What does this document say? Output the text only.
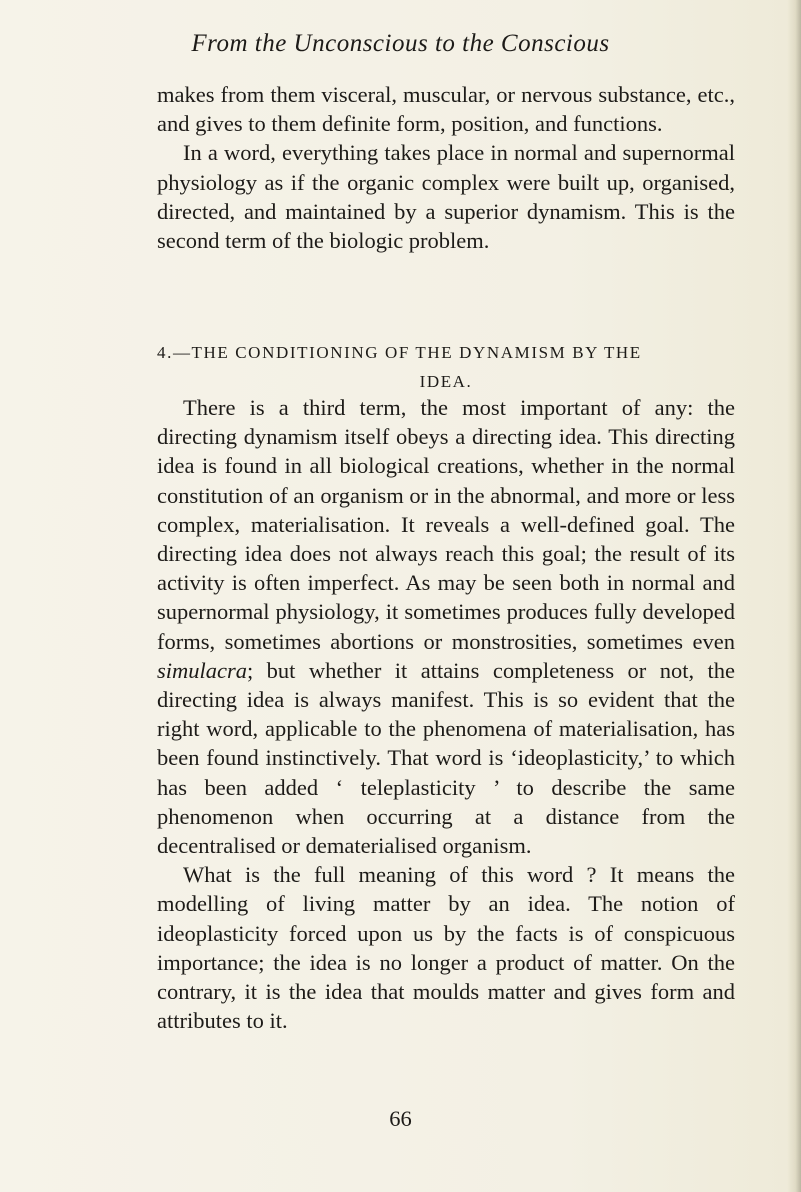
From the Unconscious to the Conscious

makes from them visceral, muscular, or nervous substance, etc., and gives to them definite form, position, and functions.

In a word, everything takes place in normal and supernormal physiology as if the organic complex were built up, organised, directed, and maintained by a superior dynamism. This is the second term of the biologic problem.

4.—THE CONDITIONING OF THE DYNAMISM BY THE
IDEA.

There is a third term, the most important of any: the directing dynamism itself obeys a directing idea. This directing idea is found in all biological creations, whether in the normal constitution of an organism or in the abnormal, and more or less complex, materialisation. It reveals a well-defined goal. The directing idea does not always reach this goal; the result of its activity is often imperfect. As may be seen both in normal and supernormal physiology, it sometimes produces fully developed forms, sometimes abortions or monstrosities, sometimes even simulacra; but whether it attains completeness or not, the directing idea is always manifest. This is so evident that the right word, applicable to the phenomena of materialisation, has been found instinctively. That word is ‘ideoplasticity,’ to which has been added ‘ teleplasticity ’ to describe the same phenomenon when occurring at a distance from the decentralised or dematerialised organism.

What is the full meaning of this word ? It means the modelling of living matter by an idea. The notion of ideoplasticity forced upon us by the facts is of conspicuous importance; the idea is no longer a product of matter. On the contrary, it is the idea that moulds matter and gives form and attributes to it.

66
